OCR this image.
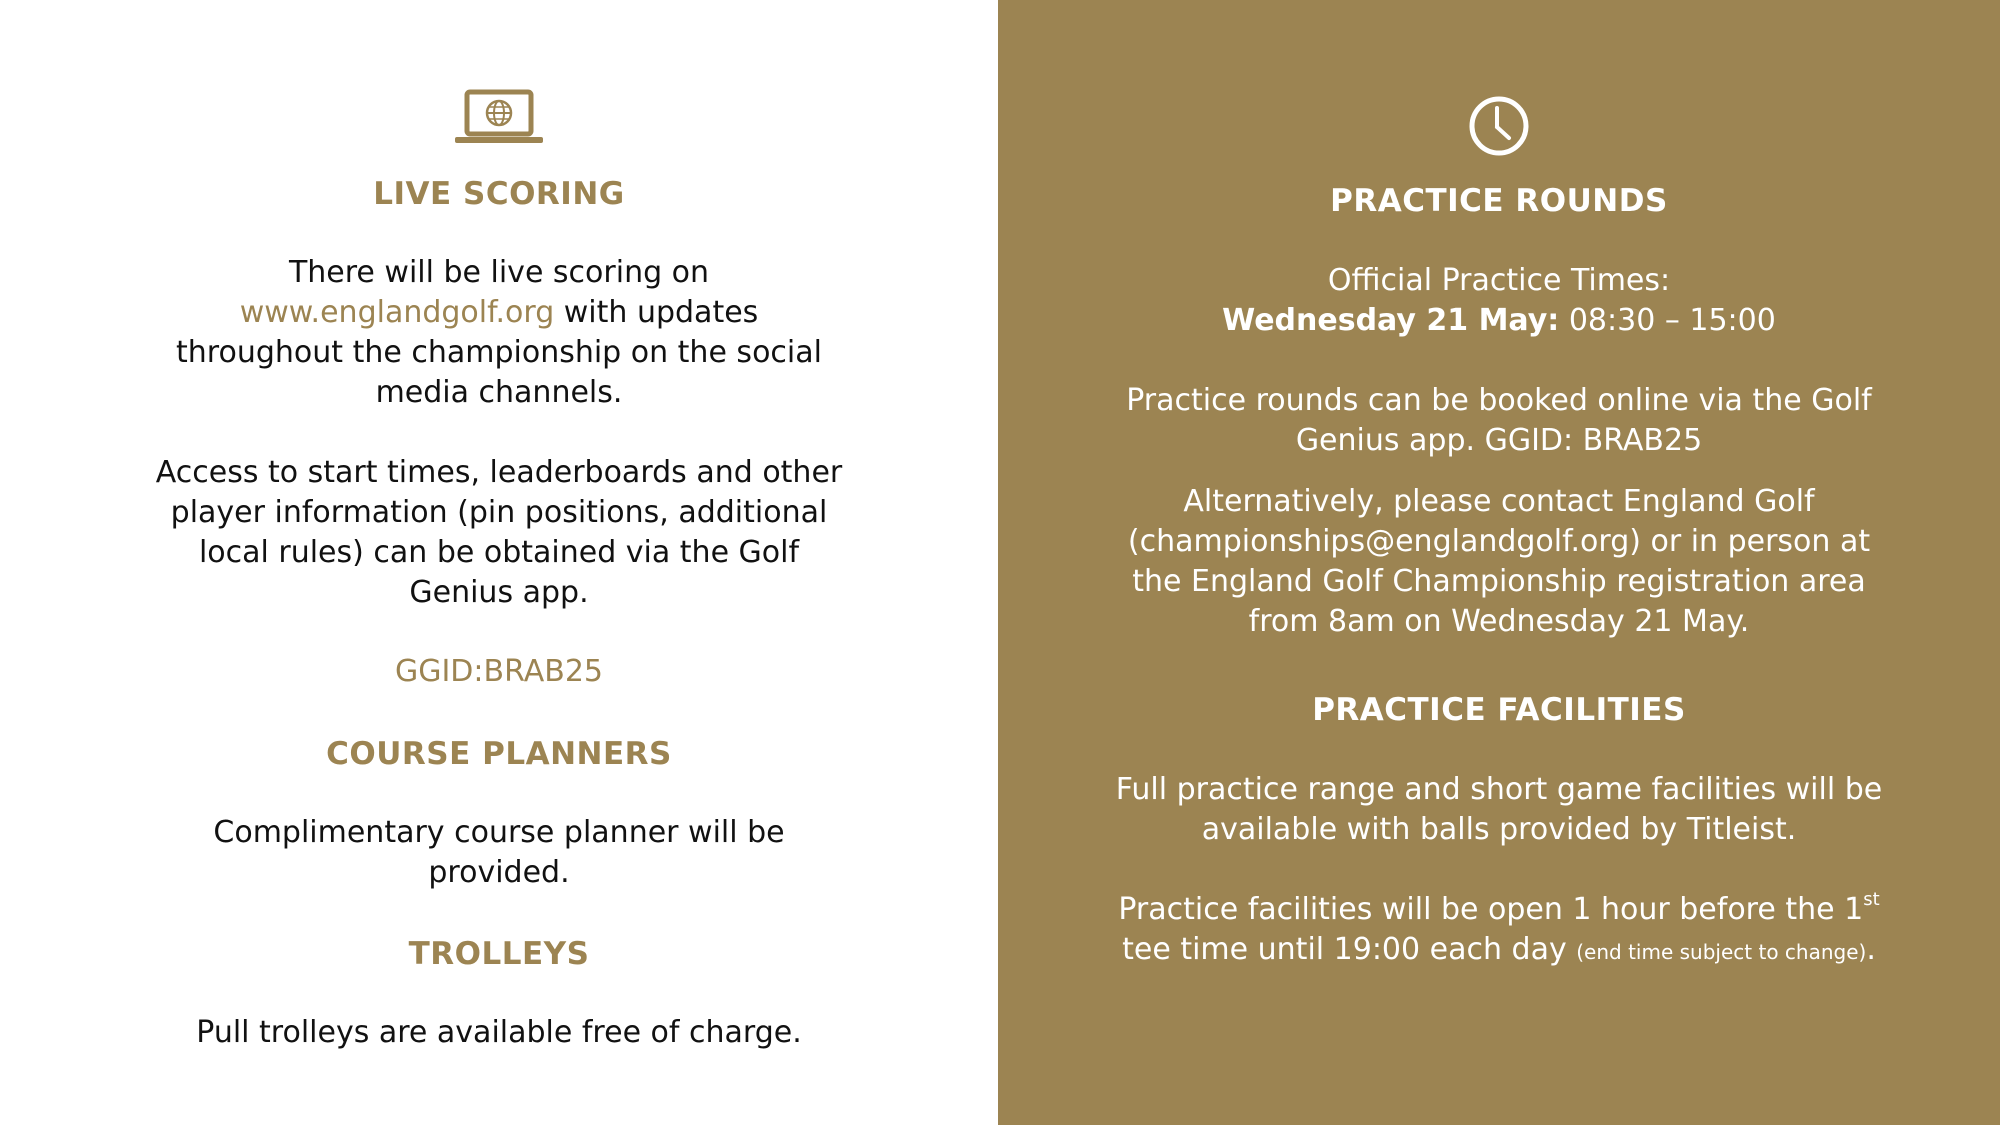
LIVE SCORING
There will be live scoring on
www.englandgolf.org with updates
throughout the championship on the social
media channels.
Access to start times, leaderboards and other
player information (pin positions, additional
local rules) can be obtained via the Golf
Genius app.
GGID:BRAB25
COURSE PLANNERS
Complimentary course planner will be
provided.
TROLLEYS
Pull trolleys are available free of charge.
PRACTICE ROUNDS
Official Practice Times:
Wednesday 21 May: 08:30 – 15:00
Practice rounds can be booked online via the Golf
Genius app. GGID: BRAB25
Alternatively, please contact England Golf
(championships@englandgolf.org) or in person at
the England Golf Championship registration area
from 8am on Wednesday 21 May.
PRACTICE FACILITIES
Full practice range and short game facilities will be
available with balls provided by Titleist.
Practice facilities will be open 1 hour before the 1st
tee time until 19:00 each day (end time subject to change).
